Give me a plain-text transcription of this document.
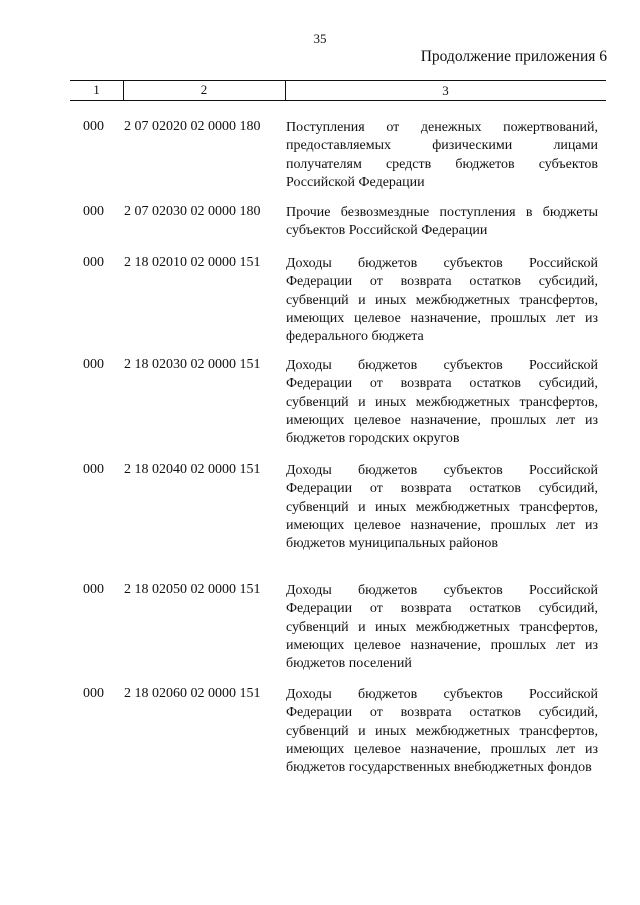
35
Продолжение приложения 6
1	2	3
000 2 07 02020 02 0000 180 Поступления от денежных пожертвований, предоставляемых физическими лицами получателям средств бюджетов субъектов Российской Федерации
000 2 07 02030 02 0000 180 Прочие безвозмездные поступления в бюджеты субъектов Российской Федерации
000 2 18 02010 02 0000 151 Доходы бюджетов субъектов Российской Федерации от возврата остатков субсидий, субвенций и иных межбюджетных трансфертов, имеющих целевое назначение, прошлых лет из федерального бюджета
000 2 18 02030 02 0000 151 Доходы бюджетов субъектов Российской Федерации от возврата остатков субсидий, субвенций и иных межбюджетных трансфертов, имеющих целевое назначение, прошлых лет из бюджетов городских округов
000 2 18 02040 02 0000 151 Доходы бюджетов субъектов Российской Федерации от возврата остатков субсидий, субвенций и иных межбюджетных трансфертов, имеющих целевое назначение, прошлых лет из бюджетов муниципальных районов
000 2 18 02050 02 0000 151 Доходы бюджетов субъектов Российской Федерации от возврата остатков субсидий, субвенций и иных межбюджетных трансфертов, имеющих целевое назначение, прошлых лет из бюджетов поселений
000 2 18 02060 02 0000 151 Доходы бюджетов субъектов Российской Федерации от возврата остатков субсидий, субвенций и иных межбюджетных трансфертов, имеющих целевое назначение, прошлых лет из бюджетов государственных внебюджетных фондов
